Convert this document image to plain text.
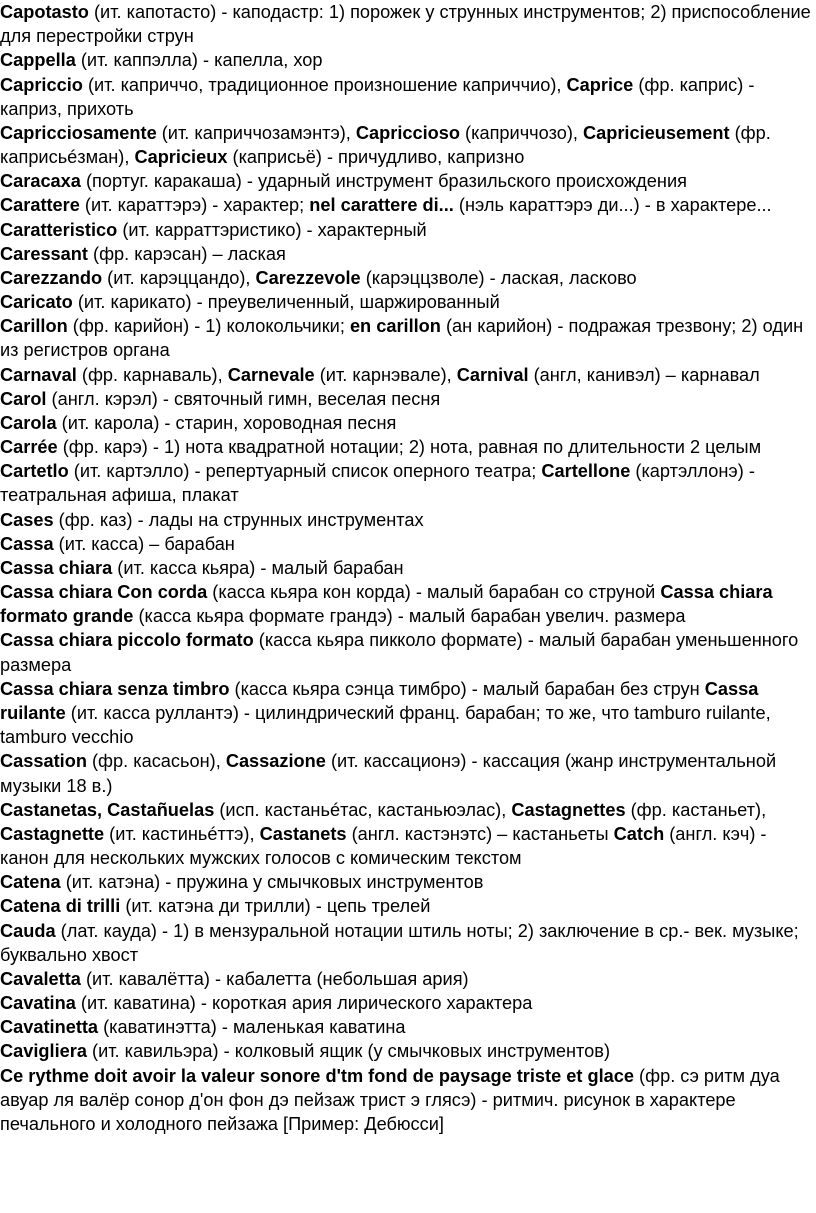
Capotasto (ит. капотасто) - каподастр: 1) порожек у струнных инструментов; 2) приспособление для перестройки струн

Cappella (ит. каппэлла) - капелла, хор

Capriccio (ит. каприччо, традиционное произношение каприччио), Caprice (фр. каприс) - каприз, прихоть

Capricciosamente (ит. каприччозамэнтэ), Capriccioso (каприччозо), Capricieusement (фр. каприсьéзман), Capricieux (каприсьё) - причудливо, капризно

Caracaxa (португ. каракаша) - ударный инструмент бразильского происхождения

Carattere (ит. караттэрэ) - характер; nel carattere di... (нэль караттэрэ ди...) - в характере...

Caratteristico (ит. карраттэристико) - характерный

Caressant (фр. карэсан) – лаская

Carezzando (ит. карэццандо), Carezzevole (карэццзволе) - лаская, ласково

Caricato (ит. карикато) - преувеличенный, шаржированный

Carillon (фр. карийон) - 1) колокольчики; en carillon (ан карийон) - подражая трезвону; 2) один из регистров органа

Carnaval (фр. карнаваль), Carnevale (ит. карнэвале), Carnival (англ, канивэл) – карнавал

Carol (англ. кэрэл) - святочный гимн, веселая песня

Carola (ит. карола) - старин, хороводная песня

Carrée (фр. карэ) - 1) нота квадратной нотации; 2) нота, равная по длительности 2 целым

Cartetlo (ит. картэлло) - репертуарный список оперного театра; Cartellone (картэллонэ) - театральная афиша, плакат

Cases (фр. каз) - лады на струнных инструментах

Cassa (ит. касса) – барабан

Cassa chiara (ит. касса кьяра) - малый барабан

Cassa chiara Con corda (касса кьяра кон корда) - малый барабан со струной Cassa chiara formato grande (касса кьяра формате грандэ) - малый барабан увелич. размера

Cassa chiara piccolo formato (касса кьяра пикколо формате) - малый барабан уменьшенного размера

Cassa chiara senza timbro (касса кьяра сэнца тимбро) - малый барабан без струн Cassa ruilante (ит. касса руллантэ) - цилиндрический франц. барабан; то же, что tamburo ruilante, tamburo vecchio

Cassation (фр. касасьон), Cassazione (ит. кассационэ) - кассация (жанр инструментальной музыки 18 в.)

Castanetas, Castañuelas (исп. кастаньéтас, кастаньюэлас), Castagnettes (фр. кастаньет), Castagnette (ит. кастиньéттэ), Castanets (англ. кастэнэтс) – кастаньеты Catch (англ. кэч) - канон для нескольких мужских голосов с комическим текстом

Catena (ит. катэна) - пружина у смычковых инструментов

Catena di trilli (ит. катэна ди трилли) - цепь трелей

Cauda (лат. кауда) - 1) в мензуральной нотации штиль ноты; 2) заключение в ср.- век. музыке; буквально хвост

Cavaletta (ит. кавалётта) - кабалетта (небольшая ария)

Cavatina (ит. каватина) - короткая ария лирического характера

Cavatinetta (каватинэтта) - маленькая каватина

Cavigliera (ит. кавильэра) - колковый ящик (у смычковых инструментов)

Ce rythme doit avoir la valeur sonore d'tm fond de paysage triste et glace (фр. сэ ритм дуа авуар ля валёр сонор д'он фон дэ пейзаж трист э глясэ) - ритмич. рисунок в характере печального и холодного пейзажа [Пример: Дебюсси]
